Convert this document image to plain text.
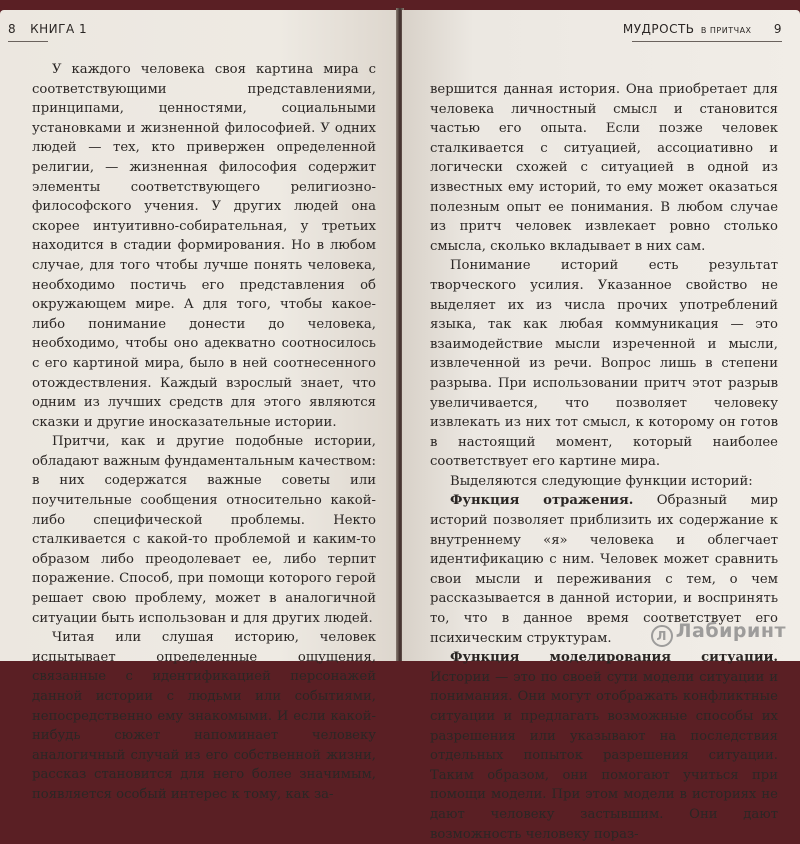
8 КНИГА 1

У каждого человека своя картина мира с соответствующими представлениями, принципами, ценностями, социальными установками и жизненной философией. У одних людей — тех, кто привержен определенной религии, — жизненная философия содержит элементы соответствующего религиозно-философского учения. У других людей она скорее интуитивно-собирательная, у третьих находится в стадии формирования. Но в любом случае, для того чтобы лучше понять человека, необходимо постичь его представления об окружающем мире. А для того, чтобы какое-либо понимание донести до человека, необходимо, чтобы оно адекватно соотносилось с его картиной мира, было в ней соотнесенного отождествления. Каждый взрослый знает, что одним из лучших средств для этого являются сказки и другие иносказательные истории.

Притчи, как и другие подобные истории, обладают важным фундаментальным качеством: в них содержатся важные советы или поучительные сообщения относительно какой-либо специфической проблемы. Некто сталкивается с какой-то проблемой и каким-то образом либо преодолевает ее, либо терпит поражение. Способ, при помощи которого герой решает свою проблему, может в аналогичной ситуации быть использован и для других людей.

Читая или слушая историю, человек испытывает определенные ощущения, связанные с идентификацией персонажей данной истории с людьми или событиями, непосредственно ему знакомыми. И если какой-нибудь сюжет напоминает человеку аналогичный случай из его собственной жизни, рассказ становится для него более значимым, появляется особый интерес к тому, как за-

МУДРОСТЬ В ПРИТЧАХ 9

вершится данная история. Она приобретает для человека личностный смысл и становится частью его опыта. Если позже человек сталкивается с ситуацией, ассоциативно и логически схожей с ситуацией в одной из известных ему историй, то ему может оказаться полезным опыт ее понимания. В любом случае из притч человек извлекает ровно столько смысла, сколько вкладывает в них сам.

Понимание историй есть результат творческого усилия. Указанное свойство не выделяет их из числа прочих употреблений языка, так как любая коммуникация — это взаимодействие мысли изреченной и мысли, извлеченной из речи. Вопрос лишь в степени разрыва. При использовании притч этот разрыв увеличивается, что позволяет человеку извлекать из них тот смысл, к которому он готов в настоящий момент, который наиболее соответствует его картине мира.

Выделяются следующие функции историй:

Функция отражения. Образный мир историй позволяет приблизить их содержание к внутреннему «я» человека и облегчает идентификацию с ним. Человек может сравнить свои мысли и переживания с тем, о чем рассказывается в данной истории, и воспринять то, что в данное время соответствует его психическим структурам.

Функция моделирования ситуации. Истории — это по своей сути модели ситуации и понимания. Они могут отображать конфликтные ситуации и предлагать возможные способы их разрешения или указывают на последствия отдельных попыток разрешения ситуации. Таким образом, они помогают учиться при помощи модели. При этом модели в историях не дают человеку застывшим. Они дают возможность человеку пораз-

Л Лабиринт
